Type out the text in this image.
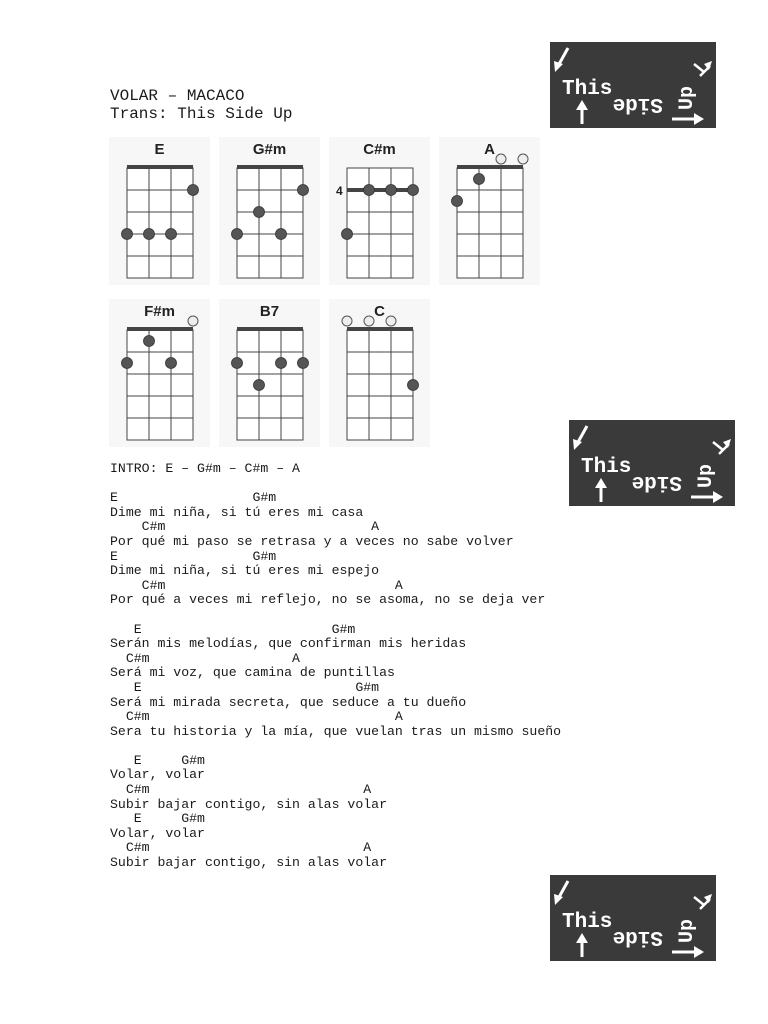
VOLAR – MACACO
Trans: This Side Up
This
Side Up
This
Side Up
This
Side Up
E	G#m	C#m
4
A
F#m	B7	C
INTRO: E – G#m – C#m – A
E                 G#m
Dime mi niña, si tú eres mi casa
C#m                          A
Por qué mi paso se retrasa y a veces no sabe volver
E                 G#m
Dime mi niña, si tú eres mi espejo
C#m                             A
Por qué a veces mi reflejo, no se asoma, no se deja ver
E                        G#m
Serán mis melodías, que confirman mis heridas
C#m                  A
Será mi voz, que camina de puntillas
E                           G#m
Será mi mirada secreta, que seduce a tu dueño
C#m                               A
Sera tu historia y la mía, que vuelan tras un mismo sueño
E     G#m
Volar, volar
C#m                           A
Subir bajar contigo, sin alas volar
E     G#m
Volar, volar
C#m                           A
Subir bajar contigo, sin alas volar
